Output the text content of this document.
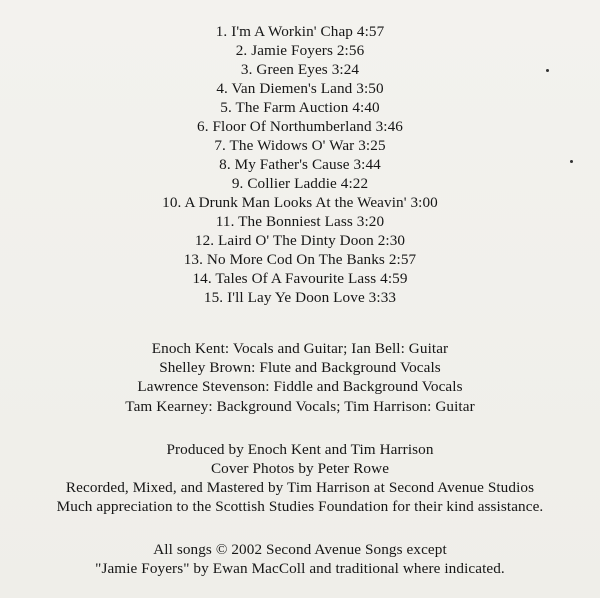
1. I'm A Workin' Chap 4:57
2. Jamie Foyers 2:56
3. Green Eyes 3:24
4. Van Diemen's Land 3:50
5. The Farm Auction 4:40
6. Floor Of Northumberland 3:46
7. The Widows O' War 3:25
8. My Father's Cause 3:44
9. Collier Laddie 4:22
10. A Drunk Man Looks At the Weavin' 3:00
11. The Bonniest Lass 3:20
12. Laird O' The Dinty Doon 2:30
13. No More Cod On The Banks 2:57
14. Tales Of A Favourite Lass 4:59
15. I'll Lay Ye Doon Love 3:33
Enoch Kent: Vocals and Guitar; Ian Bell: Guitar
Shelley Brown: Flute and Background Vocals
Lawrence Stevenson: Fiddle and Background Vocals
Tam Kearney: Background Vocals; Tim Harrison: Guitar
Produced by Enoch Kent and Tim Harrison
Cover Photos by Peter Rowe
Recorded, Mixed, and Mastered by Tim Harrison at Second Avenue Studios
Much appreciation to the Scottish Studies Foundation for their kind assistance.
All songs © 2002 Second Avenue Songs except
"Jamie Foyers" by Ewan MacColl and traditional where indicated.
